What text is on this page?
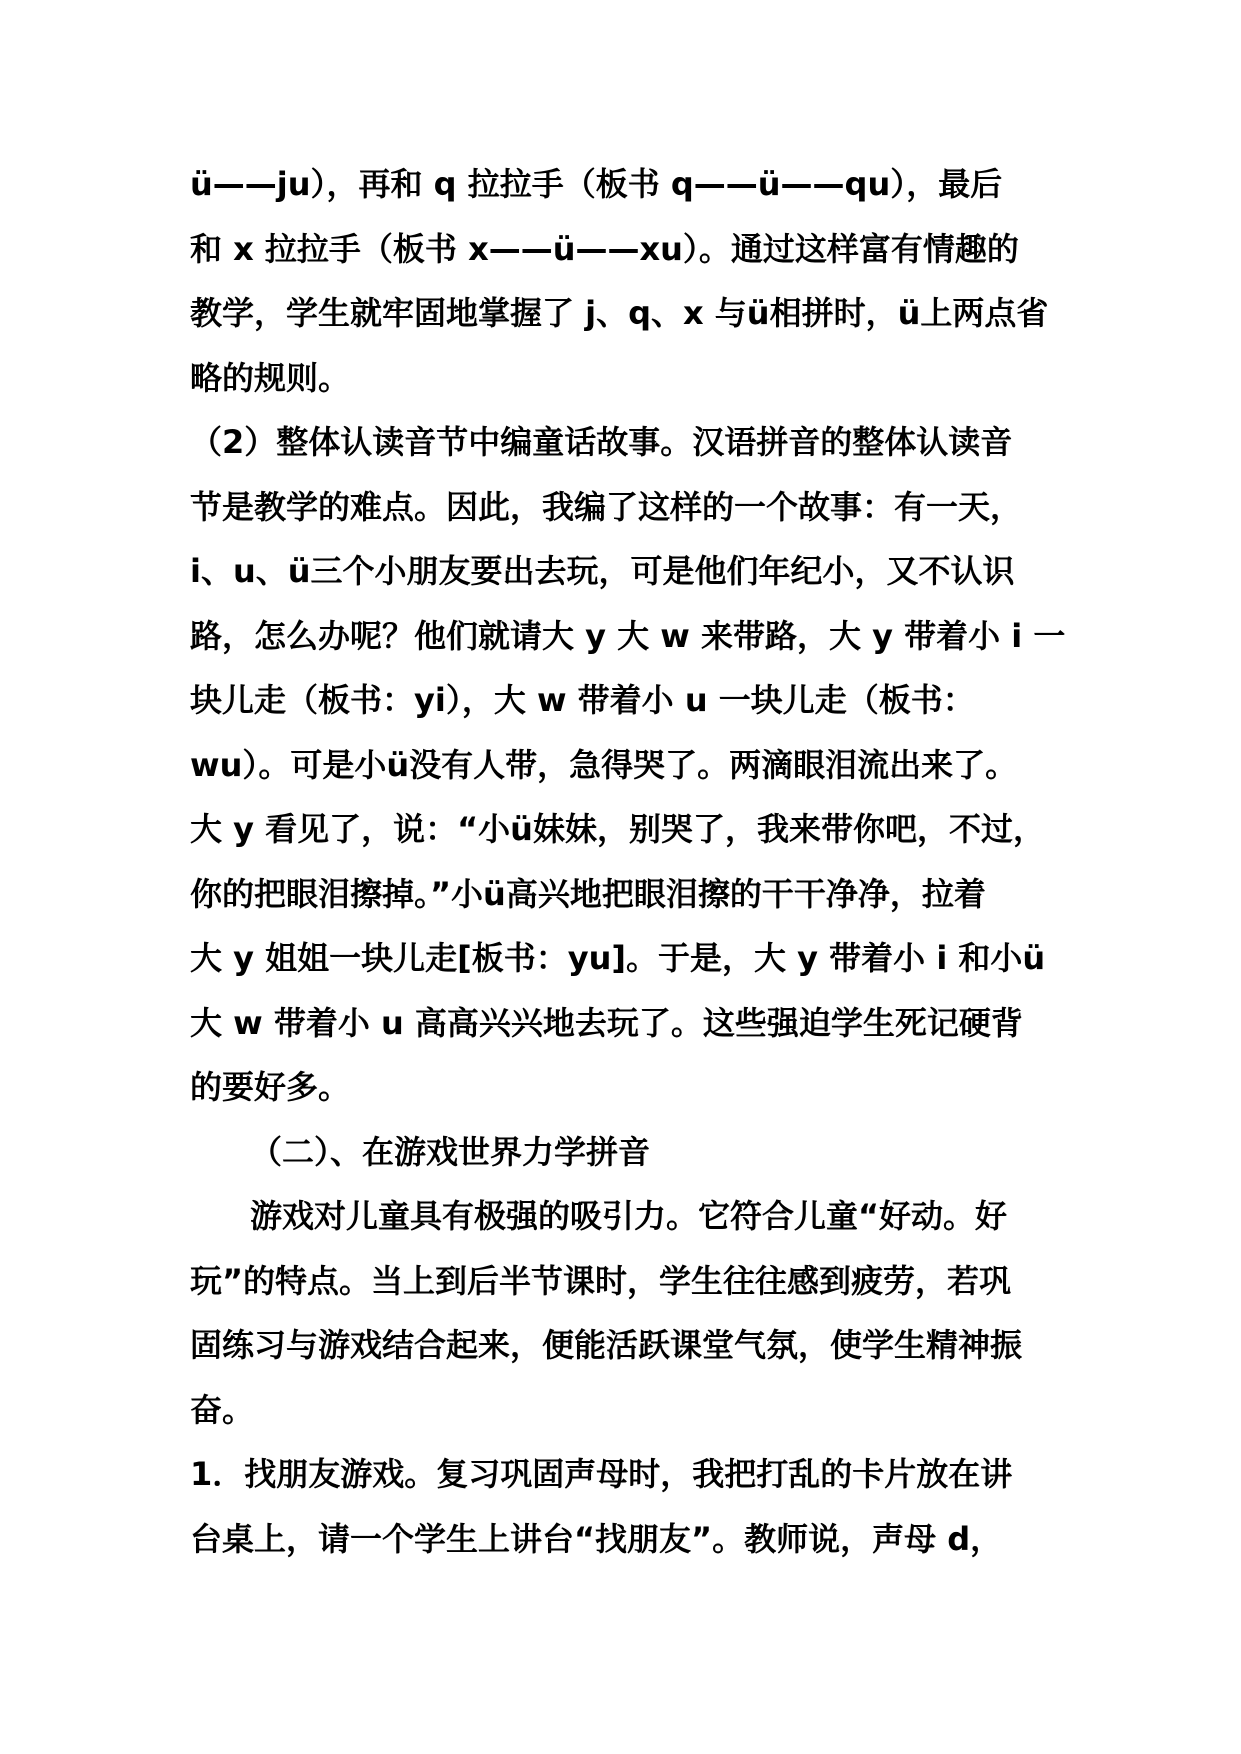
ü——ju），再和 q 拉拉手（板书 q——ü——qu），最后
和 x 拉拉手（板书 x——ü——xu）。通过这样富有情趣的
教学，学生就牢固地掌握了 j、q、x 与ü相拼时，ü上两点省
略的规则。
（2）整体认读音节中编童话故事。汉语拼音的整体认读音
节是教学的难点。因此，我编了这样的一个故事：有一天，
i、u、ü三个小朋友要出去玩，可是他们年纪小，又不认识
路，怎么办呢？他们就请大 y 大 w 来带路，大 y 带着小 i 一
块儿走（板书：yi），大 w 带着小 u 一块儿走（板书：
wu）。可是小ü没有人带，急得哭了。两滴眼泪流出来了。
大 y 看见了，说：“小ü妹妹，别哭了，我来带你吧，不过，
你的把眼泪擦掉。”小ü高兴地把眼泪擦的干干净净，拉着
大 y 姐姐一块儿走[板书：yu]。于是，大 y 带着小 i 和小ü
大 w 带着小 u 高高兴兴地去玩了。这些强迫学生死记硬背
的要好多。
（二）、在游戏世界力学拼音
游戏对儿童具有极强的吸引力。它符合儿童“好动。好
玩”的特点。当上到后半节课时，学生往往感到疲劳，若巩
固练习与游戏结合起来，便能活跃课堂气氛，使学生精神振
奋。
1．找朋友游戏。复习巩固声母时，我把打乱的卡片放在讲
台桌上，请一个学生上讲台“找朋友”。教师说，声母 d，
